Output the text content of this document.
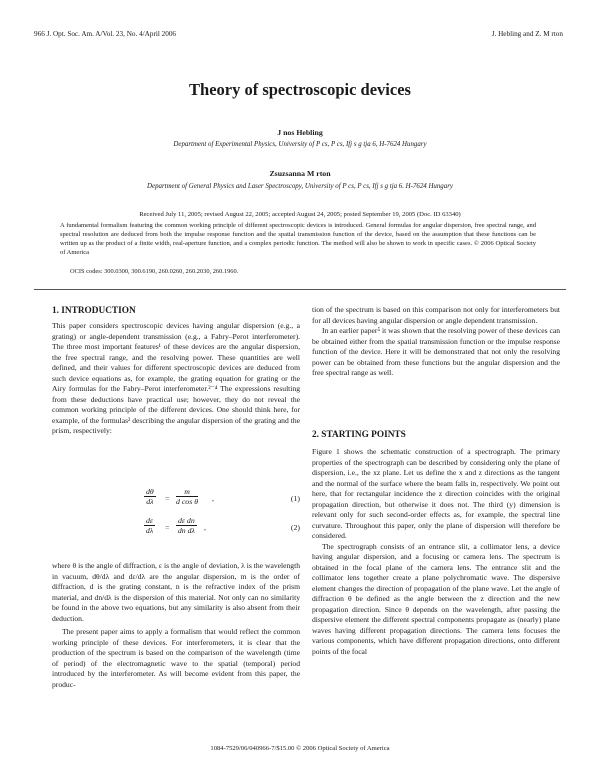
966 J. Opt. Soc. Am. A/Vol. 23, No. 4/April 2006	J. Hebling and Z. M rton
Theory of spectroscopic devices
J nos Hebling
Department of Experimental Physics, University of P cs, P cs, Ifj s g tja 6, H-7624 Hungary
Zsuzsanna M rton
Department of General Physics and Laser Spectroscopy, University of P cs, P cs, Ifj s g tja 6. H-7624 Hungary
Received July 11, 2005; revised August 22, 2005; accepted August 24, 2005; posted September 19, 2005 (Doc. ID 63340)
A fundamental formalism featuring the common working principle of different spectroscopic devices is introduced. General formulas for angular dispersion, free spectral range, and spectral resolution are deduced from both the impulse response function and the spatial transmission function of the device, based on the assumption that these functions can be written up as the product of a finite width, real-aperture function, and a complex periodic function. The method will also be shown to work in specific cases. © 2006 Optical Society of America
OCIS codes: 300.0300, 300.6190, 260.0260, 260.2030, 260.1960.
1. INTRODUCTION

This paper considers spectroscopic devices having angular dispersion (e.g., a grating) or angle-dependent transmission (e.g., a Fabry–Perot interferometer). The three most important features¹ of these devices are the angular dispersion, the free spectral range, and the resolving power. These quantities are well defined, and their values for different spectroscopic devices are deduced from such device equations as, for example, the grating equation for grating or the Airy formulas for the Fabry–Perot interferometer.²⁻⁴ The expressions resulting from these deductions have practical use; however, they do not reveal the common working principle of the different devices. One should think here, for example, of the formulas² describing the angular dispersion of the grating and the prism, respectively:

$\frac{d\theta}{d\lambda} = \frac{m}{\text{d cos θ}}$ ,	(1)
$\frac{d\varepsilon}{d\lambda} = \frac{\text{dε dn}}{\text{dn dλ}}$ ,	(2)

where θ is the angle of diffraction, ε is the angle of deviation, λ is the wavelength in vacuum, dθ/dλ and dε/dλ are the angular dispersion, m is the order of diffraction, d is the grating constant, n is the refractive index of the prism material, and dn/dλ is the dispersion of this material. Not only can no similarity be found in the above two equations, but any similarity is also absent from their deduction.

The present paper aims to apply a formalism that would reflect the common working principle of these devices. For interferometers, it is clear that the production of the spectrum is based on the comparison of the wavelength (time of period) of the electromagnetic wave to the spatial (temporal) period introduced by the interferometer. As will become evident from this paper, the produc-

tion of the spectrum is based on this comparison not only for interferometers but for all devices having angular dispersion or angle dependent transmission.

In an earlier paper⁵ it was shown that the resolving power of these devices can be obtained either from the spatial transmission function or the impulse response function of the device. Here it will be demonstrated that not only the resolving power can be obtained from these functions but the angular dispersion and the free spectral range as well.

2. STARTING POINTS

Figure 1 shows the schematic construction of a spectrograph. The primary properties of the spectrograph can be described by considering only the plane of dispersion, i.e., the xz plane. Let us define the x and z directions as the tangent and the normal of the surface where the beam falls in, respectively. We point out here, that for rectangular incidence the z direction coincides with the original propagation direction, but otherwise it does not. The third (y) dimension is relevant only for such second-order effects as, for example, the spectral line curvature. Throughout this paper, only the plane of dispersion will therefore be considered.

The spectrograph consists of an entrance slit, a collimator lens, a device having angular dispersion, and a focusing or camera lens. The spectrum is obtained in the focal plane of the camera lens. The entrance slit and the collimator lens together create a plane polychromatic wave. The dispersive element changes the direction of propagation of the plane wave. Let the angle of diffraction θ be defined as the angle between the z direction and the new propagation direction. Since θ depends on the wavelength, after passing the dispersive element the different spectral components propagate as (nearly) plane waves having different propagation directions. The camera lens focuses the various components, which have different propagation directions, onto different points of the focal

1084-7529/06/040966-7/$15.00 © 2006 Optical Society of America
